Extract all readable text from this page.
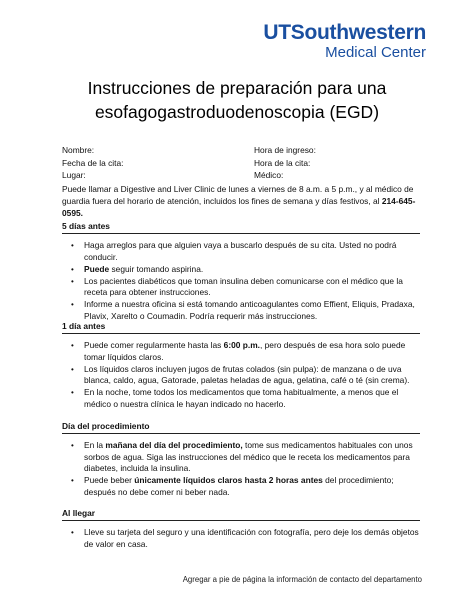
UTSouthwestern
Medical Center
Instrucciones de preparación para una
esofagogastroduodenoscopia (EGD)
Nombre:	Hora de ingreso:
Fecha de la cita:	Hora de la cita:
Lugar:	Médico:
Puede llamar a Digestive and Liver Clinic de lunes a viernes de 8 a.m. a 5 p.m., y al médico de guardia fuera del horario de atención, incluidos los fines de semana y días festivos, al 214-645-0595.
5 días antes
• Haga arreglos para que alguien vaya a buscarlo después de su cita. Usted no podrá conducir.
• Puede seguir tomando aspirina.
• Los pacientes diabéticos que toman insulina deben comunicarse con el médico que la receta para obtener instrucciones.
• Informe a nuestra oficina si está tomando anticoagulantes como Effient, Eliquis, Pradaxa, Plavix, Xarelto o Coumadin. Podría requerir más instrucciones.
1 día antes
• Puede comer regularmente hasta las 6:00 p.m., pero después de esa hora solo puede tomar líquidos claros.
• Los líquidos claros incluyen jugos de frutas colados (sin pulpa): de manzana o de uva blanca, caldo, agua, Gatorade, paletas heladas de agua, gelatina, café o té (sin crema).
• En la noche, tome todos los medicamentos que toma habitualmente, a menos que el médico o nuestra clínica le hayan indicado no hacerlo.
Día del procedimiento
• En la mañana del día del procedimiento, tome sus medicamentos habituales con unos sorbos de agua. Siga las instrucciones del médico que le receta los medicamentos para diabetes, incluida la insulina.
• Puede beber únicamente líquidos claros hasta 2 horas antes del procedimiento; después no debe comer ni beber nada.
Al llegar
• Lleve su tarjeta del seguro y una identificación con fotografía, pero deje los demás objetos de valor en casa.
Agregar a pie de página la información de contacto del departamento
